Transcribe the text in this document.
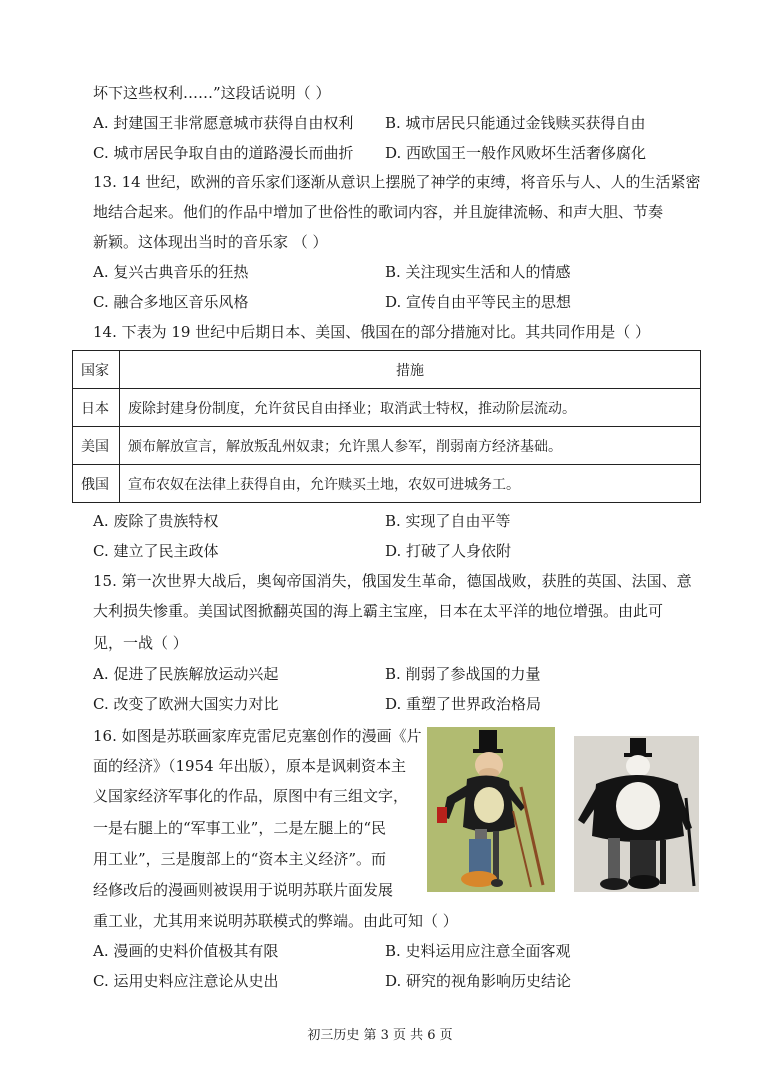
坏下这些权利……”这段话说明（ ）
A. 封建国王非常愿意城市获得自由权利 B. 城市居民只能通过金钱赎买获得自由
C. 城市居民争取自由的道路漫长而曲折 D. 西欧国王一般作风败坏生活奢侈腐化
13. 14 世纪，欧洲的音乐家们逐渐从意识上摆脱了神学的束缚，将音乐与人、人的生活紧密
地结合起来。他们的作品中增加了世俗性的歌词内容，并且旋律流畅、和声大胆、节奏
新颖。这体现出当时的音乐家 （ ）
A. 复兴古典音乐的狂热	B. 关注现实生活和人的情感
C. 融合多地区音乐风格	D. 宣传自由平等民主的思想
14. 下表为 19 世纪中后期日本、美国、俄国在的部分措施对比。其共同作用是（ ）
国家	措施
日本	废除封建身份制度，允许贫民自由择业；取消武士特权，推动阶层流动。
美国	颁布解放宣言，解放叛乱州奴隶；允许黑人参军，削弱南方经济基础。
俄国	宣布农奴在法律上获得自由，允许赎买土地，农奴可进城务工。
A. 废除了贵族特权	B. 实现了自由平等
C. 建立了民主政体	D. 打破了人身依附
15. 第一次世界大战后，奥匈帝国消失，俄国发生革命，德国战败，获胜的英国、法国、意
大利损失惨重。美国试图掀翻英国的海上霸主宝座，日本在太平洋的地位增强。由此可
见，一战（ ）
A. 促进了民族解放运动兴起	B. 削弱了参战国的力量
C. 改变了欧洲大国实力对比	D. 重塑了世界政治格局
16. 如图是苏联画家库克雷尼克塞创作的漫画《片
面的经济》（1954 年出版），原本是讽刺资本主
义国家经济军事化的作品，原图中有三组文字，
一是右腿上的“军事工业”，二是左腿上的“民
用工业”，三是腹部上的“资本主义经济”。而
经修改后的漫画则被误用于说明苏联片面发展
重工业，尤其用来说明苏联模式的弊端。由此可知（ ）
A. 漫画的史料价值极其有限	B. 史料运用应注意全面客观
C. 运用史料应注意论从史出	D. 研究的视角影响历史结论
初三历史 第 3 页 共 6 页
